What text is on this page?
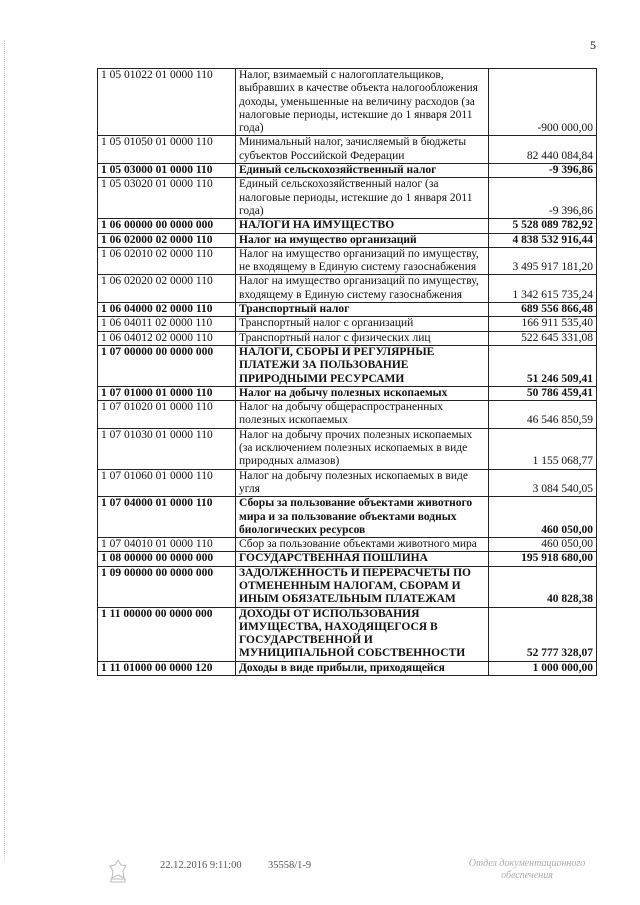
5
1 05 01022 01 0000 110	Налог, взимаемый с налогоплательщиков, выбравших в качестве объекта налогообложения доходы, уменьшенные на величину расходов (за налоговые периоды, истекшие до 1 января 2011 года)	-900 000,00
1 05 01050 01 0000 110	Минимальный налог, зачисляемый в бюджеты субъектов Российской Федерации	82 440 084,84
1 05 03000 01 0000 110	Единый сельскохозяйственный налог	-9 396,86
1 05 03020 01 0000 110	Единый сельскохозяйственный налог (за налоговые периоды, истекшие до 1 января 2011 года)	-9 396,86
1 06 00000 00 0000 000	НАЛОГИ НА ИМУЩЕСТВО	5 528 089 782,92
1 06 02000 02 0000 110	Налог на имущество организаций	4 838 532 916,44
1 06 02010 02 0000 110	Налог на имущество организаций по имуществу, не входящему в Единую систему газоснабжения	3 495 917 181,20
1 06 02020 02 0000 110	Налог на имущество организаций по имуществу, входящему в Единую систему газоснабжения	1 342 615 735,24
1 06 04000 02 0000 110	Транспортный налог	689 556 866,48
1 06 04011 02 0000 110	Транспортный налог с организаций	166 911 535,40
1 06 04012 02 0000 110	Транспортный налог с физических лиц	522 645 331,08
1 07 00000 00 0000 000	НАЛОГИ, СБОРЫ И РЕГУЛЯРНЫЕ ПЛАТЕЖИ ЗА ПОЛЬЗОВАНИЕ ПРИРОДНЫМИ РЕСУРСАМИ	51 246 509,41
1 07 01000 01 0000 110	Налог на добычу полезных ископаемых	50 786 459,41
1 07 01020 01 0000 110	Налог на добычу общераспространенных полезных ископаемых	46 546 850,59
1 07 01030 01 0000 110	Налог на добычу прочих полезных ископаемых (за исключением полезных ископаемых в виде природных алмазов)	1 155 068,77
1 07 01060 01 0000 110	Налог на добычу полезных ископаемых в виде угля	3 084 540,05
1 07 04000 01 0000 110	Сборы за пользование объектами животного мира и за пользование объектами водных биологических ресурсов	460 050,00
1 07 04010 01 0000 110	Сбор за пользование объектами животного мира	460 050,00
1 08 00000 00 0000 000	ГОСУДАРСТВЕННАЯ ПОШЛИНА	195 918 680,00
1 09 00000 00 0000 000	ЗАДОЛЖЕННОСТЬ И ПЕРЕРАСЧЕТЫ ПО ОТМЕНЕННЫМ НАЛОГАМ, СБОРАМ И ИНЫМ ОБЯЗАТЕЛЬНЫМ ПЛАТЕЖАМ	40 828,38
1 11 00000 00 0000 000	ДОХОДЫ ОТ ИСПОЛЬЗОВАНИЯ ИМУЩЕСТВА, НАХОДЯЩЕГОСЯ В ГОСУДАРСТВЕННОЙ И МУНИЦИПАЛЬНОЙ СОБСТВЕННОСТИ	52 777 328,07
1 11 01000 00 0000 120	Доходы в виде прибыли, приходящейся	1 000 000,00
22.12.2016 9:11:00	35558/1-9	Отдел документационного
обеспечения
